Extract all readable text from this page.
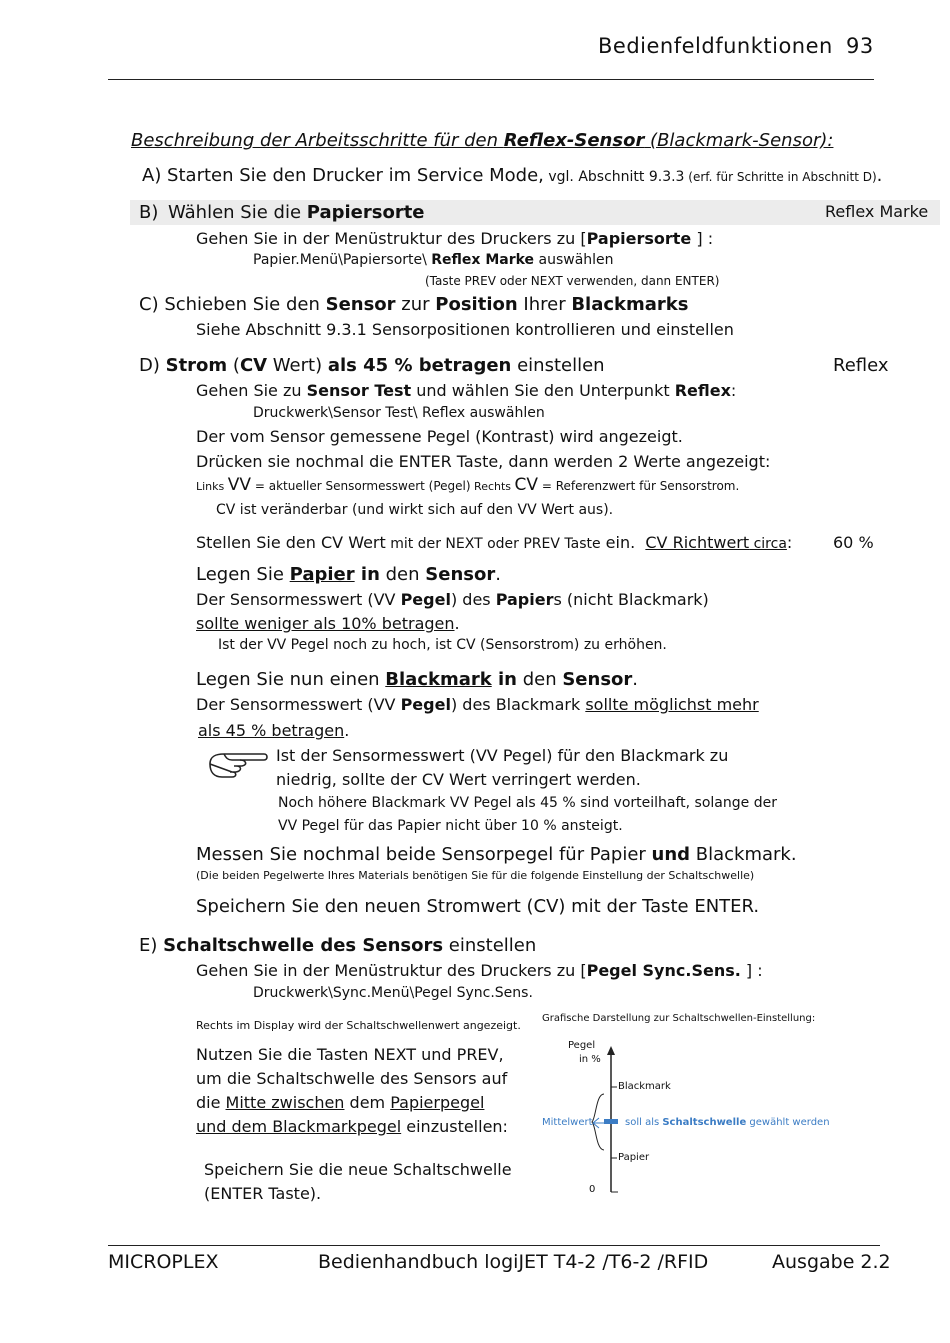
Bedienfeldfunktionen 93
Beschreibung der Arbeitsschritte für den Reflex-Sensor (Blackmark-Sensor):
A) Starten Sie den Drucker im Service Mode, vgl. Abschnitt 9.3.3 (erf. für Schritte in Abschnitt D).
B) Wählen Sie die Papiersorte	Reflex Marke
Gehen Sie in der Menüstruktur des Druckers zu [Papiersorte ] :
Papier.Menü\Papiersorte\ Reflex Marke auswählen
(Taste PREV oder NEXT verwenden, dann ENTER)
C) Schieben Sie den Sensor zur Position Ihrer Blackmarks
Siehe Abschnitt 9.3.1 Sensorpositionen kontrollieren und einstellen
D) Strom (CV Wert) als 45 % betragen einstellen	Reflex
Gehen Sie zu Sensor Test und wählen Sie den Unterpunkt Reflex:
Druckwerk\Sensor Test\ Reflex auswählen
Der vom Sensor gemessene Pegel (Kontrast) wird angezeigt.
Drücken sie nochmal die ENTER Taste, dann werden 2 Werte angezeigt:
Links VV = aktueller Sensormesswert (Pegel) Rechts CV = Referenzwert für Sensorstrom.
CV ist veränderbar (und wirkt sich auf den VV Wert aus).
Stellen Sie den CV Wert mit der NEXT oder PREV Taste ein. CV Richtwert circa:	60 %
Legen Sie Papier in den Sensor.
Der Sensormesswert (VV Pegel) des Papiers (nicht Blackmark)
sollte weniger als 10% betragen.
Ist der VV Pegel noch zu hoch, ist CV (Sensorstrom) zu erhöhen.
Legen Sie nun einen Blackmark in den Sensor.
Der Sensormesswert (VV Pegel) des Blackmark sollte möglichst mehr
als 45 % betragen.
Ist der Sensormesswert (VV Pegel) für den Blackmark zu
niedrig, sollte der CV Wert verringert werden.
Noch höhere Blackmark VV Pegel als 45 % sind vorteilhaft, solange der
VV Pegel für das Papier nicht über 10 % ansteigt.
Messen Sie nochmal beide Sensorpegel für Papier und Blackmark.
(Die beiden Pegelwerte Ihres Materials benötigen Sie für die folgende Einstellung der Schaltschwelle)
Speichern Sie den neuen Stromwert (CV) mit der Taste ENTER.
E) Schaltschwelle des Sensors einstellen
Gehen Sie in der Menüstruktur des Druckers zu [Pegel Sync.Sens. ] :
Druckwerk\Sync.Menü\Pegel Sync.Sens.
Rechts im Display wird der Schaltschwellenwert angezeigt.
Nutzen Sie die Tasten NEXT und PREV,
um die Schaltschwelle des Sensors auf
die Mitte zwischen dem Papierpegel
und dem Blackmarkpegel einzustellen:
Speichern Sie die neue Schaltschwelle
(ENTER Taste).
Grafische Darstellung zur Schaltschwellen-Einstellung:
Pegel
in %
0
Blackmark
Mittelwert	soll als Schaltschwelle gewählt werden
Papier
MICROPLEX	Bedienhandbuch logiJET T4-2 /T6-2 /RFID	Ausgabe 2.2
